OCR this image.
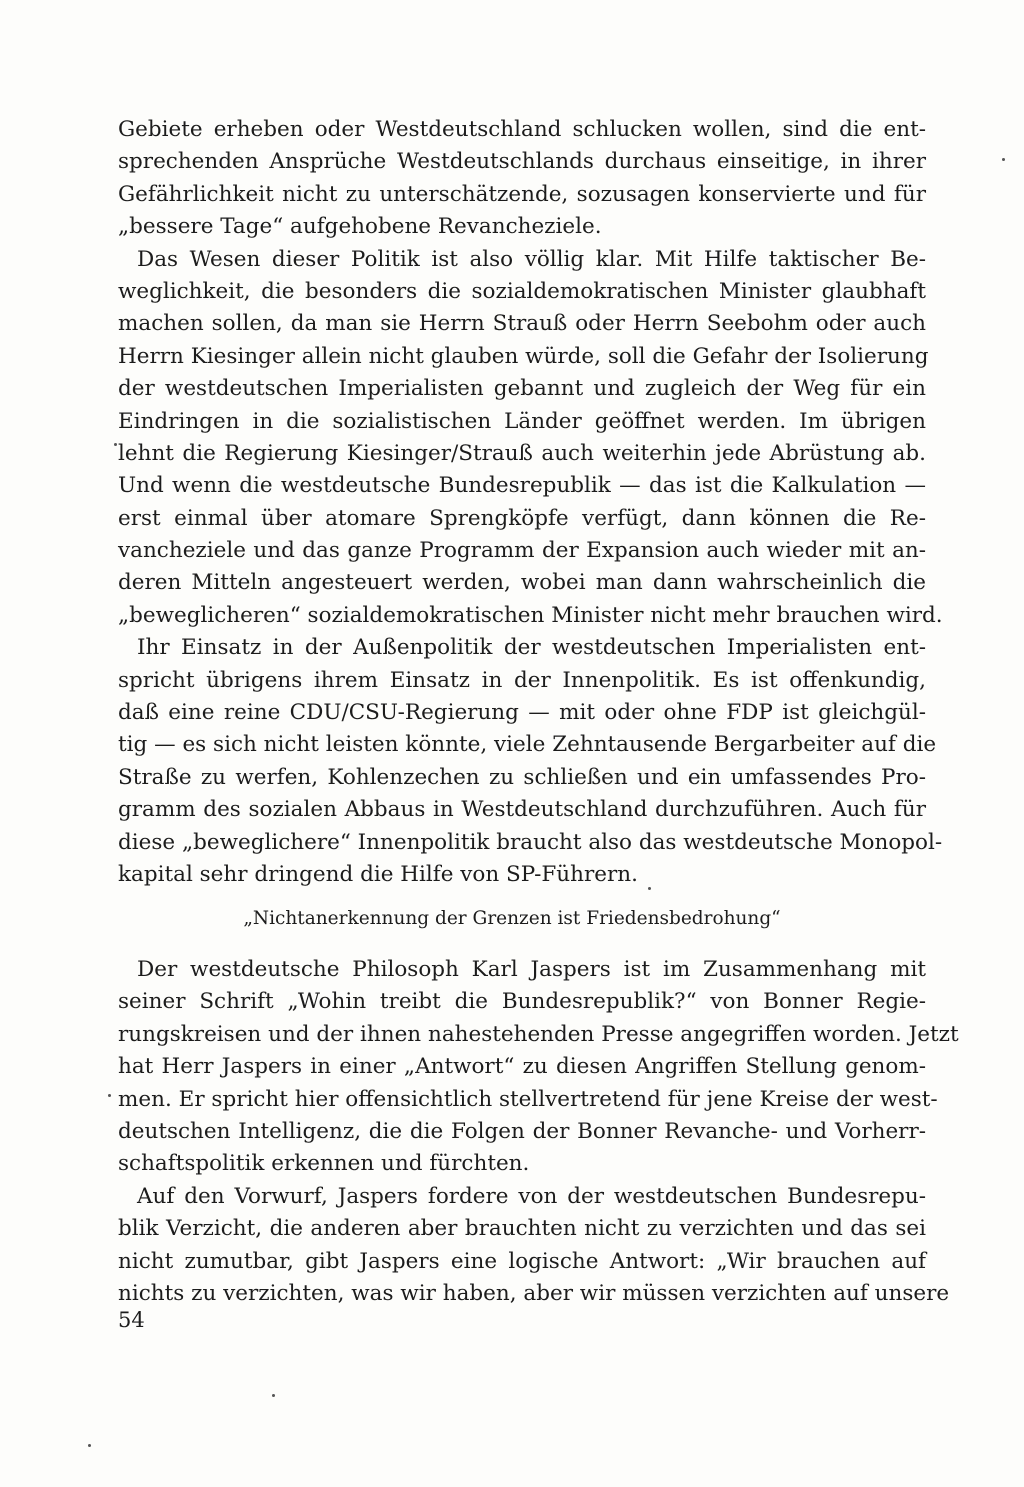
Gebiete erheben oder Westdeutschland schlucken wollen, sind die ent-
sprechenden Ansprüche Westdeutschlands durchaus einseitige, in ihrer
Gefährlichkeit nicht zu unterschätzende, sozusagen konservierte und für
„bessere Tage“ aufgehobene Revancheziele.
Das Wesen dieser Politik ist also völlig klar. Mit Hilfe taktischer Be-
weglichkeit, die besonders die sozialdemokratischen Minister glaubhaft
machen sollen, da man sie Herrn Strauß oder Herrn Seebohm oder auch
Herrn Kiesinger allein nicht glauben würde, soll die Gefahr der Isolierung
der westdeutschen Imperialisten gebannt und zugleich der Weg für ein
Eindringen in die sozialistischen Länder geöffnet werden. Im übrigen
lehnt die Regierung Kiesinger/Strauß auch weiterhin jede Abrüstung ab.
Und wenn die westdeutsche Bundesrepublik — das ist die Kalkulation —
erst einmal über atomare Sprengköpfe verfügt, dann können die Re-
vancheziele und das ganze Programm der Expansion auch wieder mit an-
deren Mitteln angesteuert werden, wobei man dann wahrscheinlich die
„beweglicheren“ sozialdemokratischen Minister nicht mehr brauchen wird.
Ihr Einsatz in der Außenpolitik der westdeutschen Imperialisten ent-
spricht übrigens ihrem Einsatz in der Innenpolitik. Es ist offenkundig,
daß eine reine CDU/CSU-Regierung — mit oder ohne FDP ist gleichgül-
tig — es sich nicht leisten könnte, viele Zehntausende Bergarbeiter auf die
Straße zu werfen, Kohlenzechen zu schließen und ein umfassendes Pro-
gramm des sozialen Abbaus in Westdeutschland durchzuführen. Auch für
diese „beweglichere“ Innenpolitik braucht also das westdeutsche Monopol-
kapital sehr dringend die Hilfe von SP-Führern.
„Nichtanerkennung der Grenzen ist Friedensbedrohung“
Der westdeutsche Philosoph Karl Jaspers ist im Zusammenhang mit
seiner Schrift „Wohin treibt die Bundesrepublik?“ von Bonner Regie-
rungskreisen und der ihnen nahestehenden Presse angegriffen worden. Jetzt
hat Herr Jaspers in einer „Antwort“ zu diesen Angriffen Stellung genom-
men. Er spricht hier offensichtlich stellvertretend für jene Kreise der west-
deutschen Intelligenz, die die Folgen der Bonner Revanche- und Vorherr-
schaftspolitik erkennen und fürchten.
Auf den Vorwurf, Jaspers fordere von der westdeutschen Bundesrepu-
blik Verzicht, die anderen aber brauchten nicht zu verzichten und das sei
nicht zumutbar, gibt Jaspers eine logische Antwort: „Wir brauchen auf
nichts zu verzichten, was wir haben, aber wir müssen verzichten auf unsere
54
